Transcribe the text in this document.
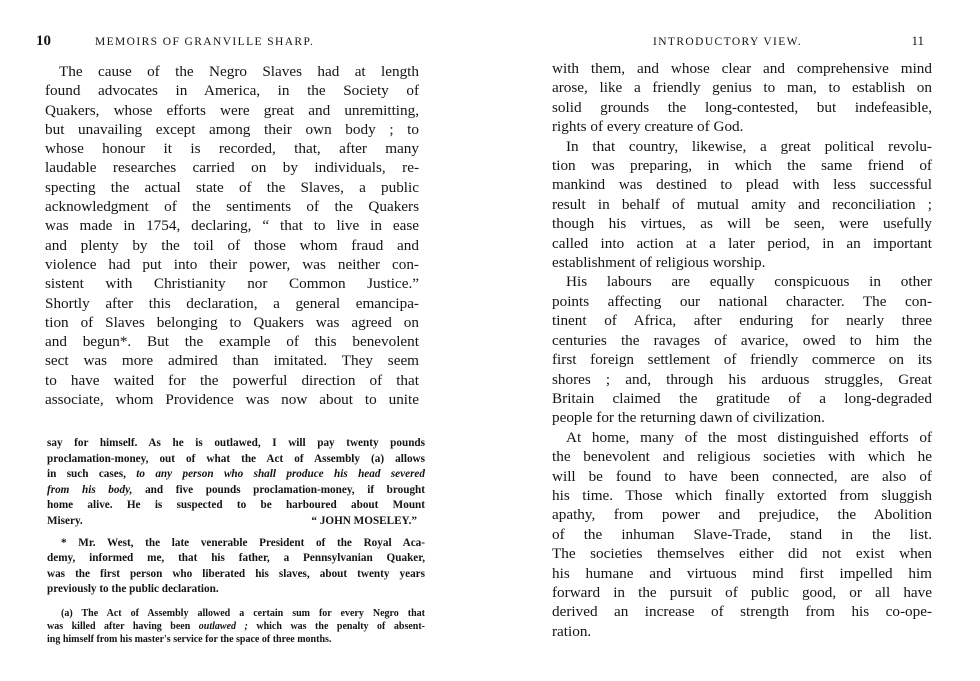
10	MEMOIRS OF GRANVILLE SHARP.
The cause of the Negro Slaves had at length
found advocates in America, in the Society of
Quakers, whose efforts were great and unremitting,
but unavailing except among their own body ; to
whose honour it is recorded, that, after many
laudable researches carried on by individuals, re-
specting the actual state of the Slaves, a public
acknowledgment of the sentiments of the Quakers
was made in 1754, declaring, “ that to live in ease
and plenty by the toil of those whom fraud and
violence had put into their power, was neither con-
sistent with Christianity nor Common Justice.”
Shortly after this declaration, a general emancipa-
tion of Slaves belonging to Quakers was agreed on
and begun*. But the example of this benevolent
sect was more admired than imitated. They seem
to have waited for the powerful direction of that
associate, whom Providence was now about to unite
say for himself. As he is outlawed, I will pay twenty pounds
proclamation-money, out of what the Act of Assembly (a) allows
in such cases, to any person who shall produce his head severed
from his body, and five pounds proclamation-money, if brought
home alive. He is suspected to be harboured about Mount
Misery.	“ JOHN MOSELEY.”
* Mr. West, the late venerable President of the Royal Aca-
demy, informed me, that his father, a Pennsylvanian Quaker,
was the first person who liberated his slaves, about twenty years
previously to the public declaration.
(a) The Act of Assembly allowed a certain sum for every Negro that
was killed after having been outlawed ; which was the penalty of absent-
ing himself from his master's service for the space of three months.
INTRODUCTORY VIEW.	11
with them, and whose clear and comprehensive mind
arose, like a friendly genius to man, to establish on
solid grounds the long-contested, but indefeasible,
rights of every creature of God.
In that country, likewise, a great political revolu-
tion was preparing, in which the same friend of
mankind was destined to plead with less successful
result in behalf of mutual amity and reconciliation ;
though his virtues, as will be seen, were usefully
called into action at a later period, in an important
establishment of religious worship.
His labours are equally conspicuous in other
points affecting our national character. The con-
tinent of Africa, after enduring for nearly three
centuries the ravages of avarice, owed to him the
first foreign settlement of friendly commerce on its
shores ; and, through his arduous struggles, Great
Britain claimed the gratitude of a long-degraded
people for the returning dawn of civilization.
At home, many of the most distinguished efforts of
the benevolent and religious societies with which he
will be found to have been connected, are also of
his time. Those which finally extorted from sluggish
apathy, from power and prejudice, the Abolition
of the inhuman Slave-Trade, stand in the list.
The societies themselves either did not exist when
his humane and virtuous mind first impelled him
forward in the pursuit of public good, or all have
derived an increase of strength from his co-ope-
ration.
